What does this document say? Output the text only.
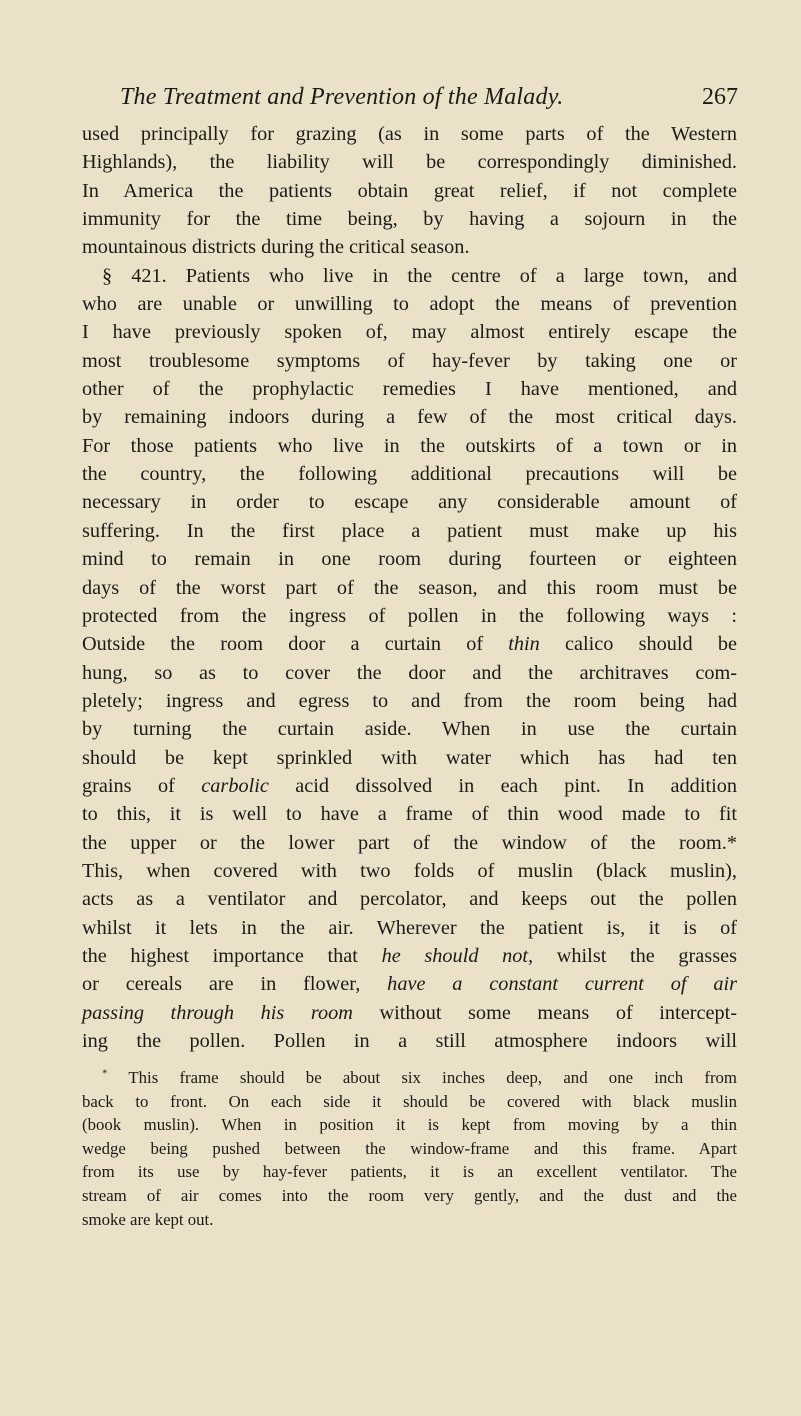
The Treatment and Prevention of the Malady.	267
used principally for grazing (as in some parts of the Western
Highlands), the liability will be correspondingly diminished.
In America the patients obtain great relief, if not complete
immunity for the time being, by having a sojourn in the
mountainous districts during the critical season.
§ 421. Patients who live in the centre of a large town, and
who are unable or unwilling to adopt the means of prevention
I have previously spoken of, may almost entirely escape the
most troublesome symptoms of hay-fever by taking one or
other of the prophylactic remedies I have mentioned, and
by remaining indoors during a few of the most critical days.
For those patients who live in the outskirts of a town or in
the country, the following additional precautions will be
necessary in order to escape any considerable amount of
suffering. In the first place a patient must make up his
mind to remain in one room during fourteen or eighteen
days of the worst part of the season, and this room must be
protected from the ingress of pollen in the following ways :
Outside the room door a curtain of thin calico should be
hung, so as to cover the door and the architraves com-
pletely; ingress and egress to and from the room being had
by turning the curtain aside. When in use the curtain
should be kept sprinkled with water which has had ten
grains of carbolic acid dissolved in each pint. In addition
to this, it is well to have a frame of thin wood made to fit
the upper or the lower part of the window of the room.*
This, when covered with two folds of muslin (black muslin),
acts as a ventilator and percolator, and keeps out the pollen
whilst it lets in the air. Wherever the patient is, it is of
the highest importance that he should not, whilst the grasses
or cereals are in flower, have a constant current of air
passing through his room without some means of intercept-
ing the pollen. Pollen in a still atmosphere indoors will
* This frame should be about six inches deep, and one inch from
back to front. On each side it should be covered with black muslin
(book muslin). When in position it is kept from moving by a thin
wedge being pushed between the window-frame and this frame. Apart
from its use by hay-fever patients, it is an excellent ventilator. The
stream of air comes into the room very gently, and the dust and the
smoke are kept out.
